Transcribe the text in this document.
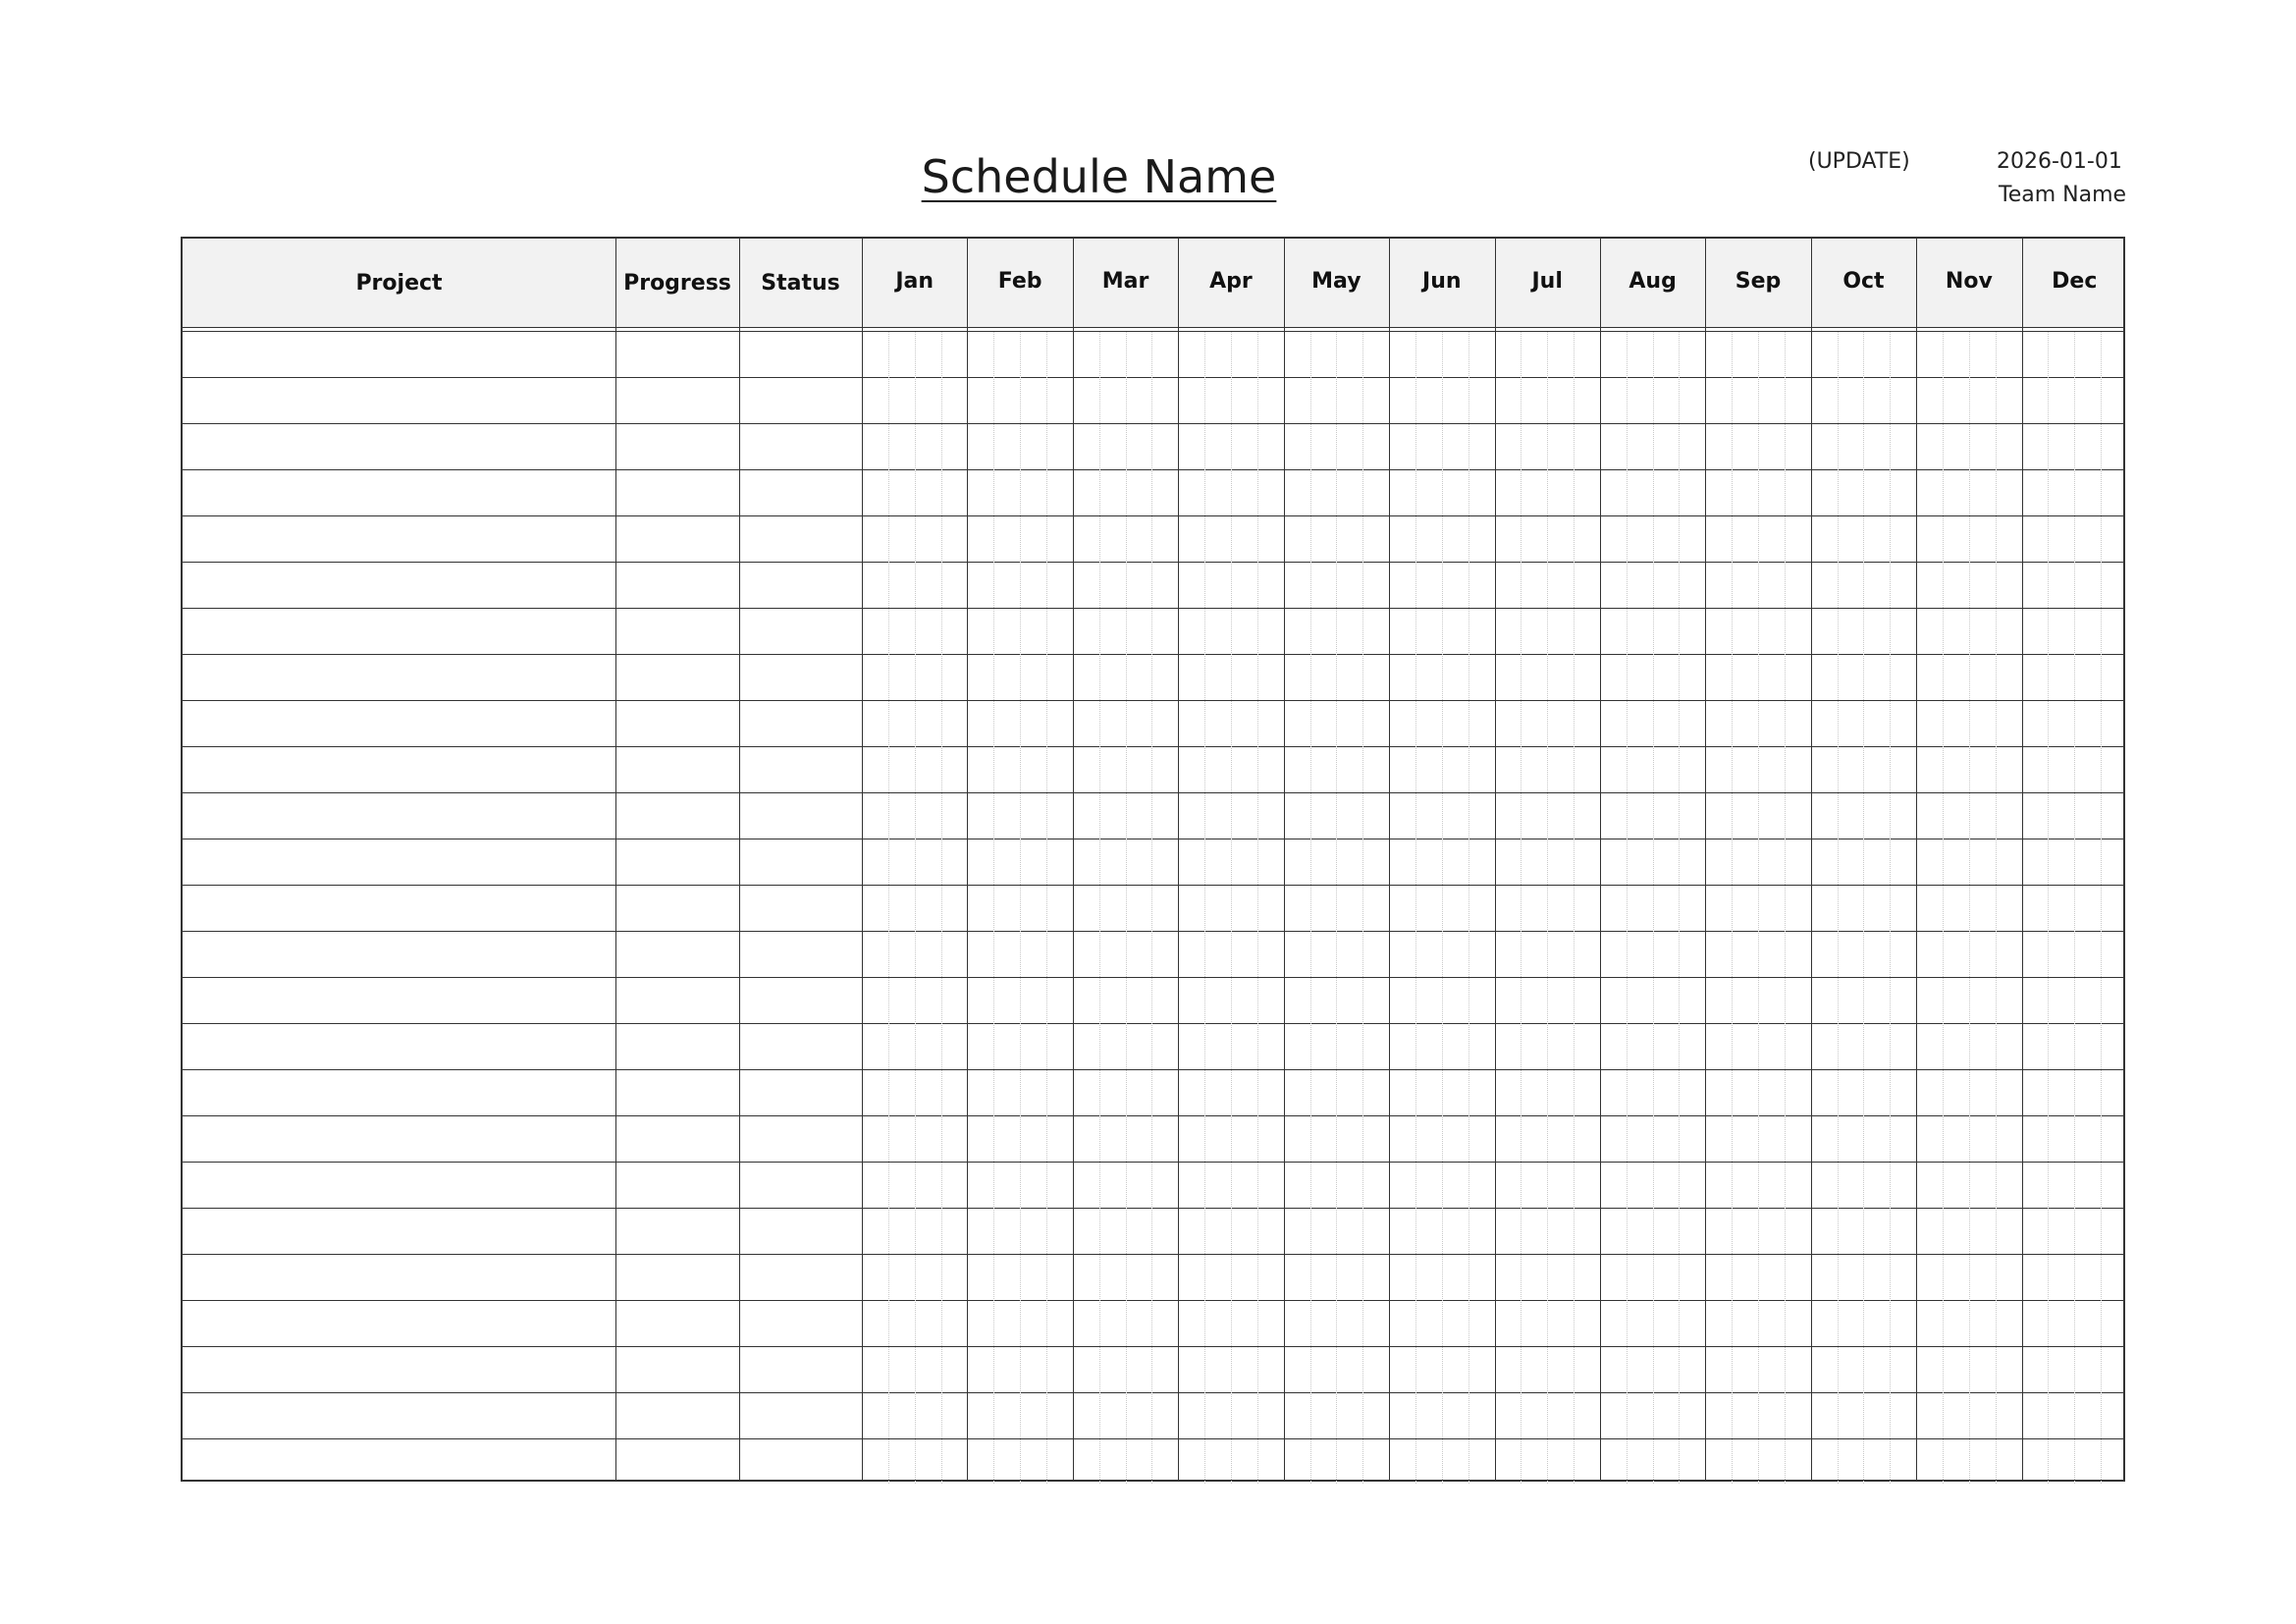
Schedule Name	(UPDATE)	2026-01-01
Team Name
Project	Progress	Status	Jan	Feb	Mar	Apr	May	Jun	Jul	Aug	Sep	Oct	Nov	Dec
